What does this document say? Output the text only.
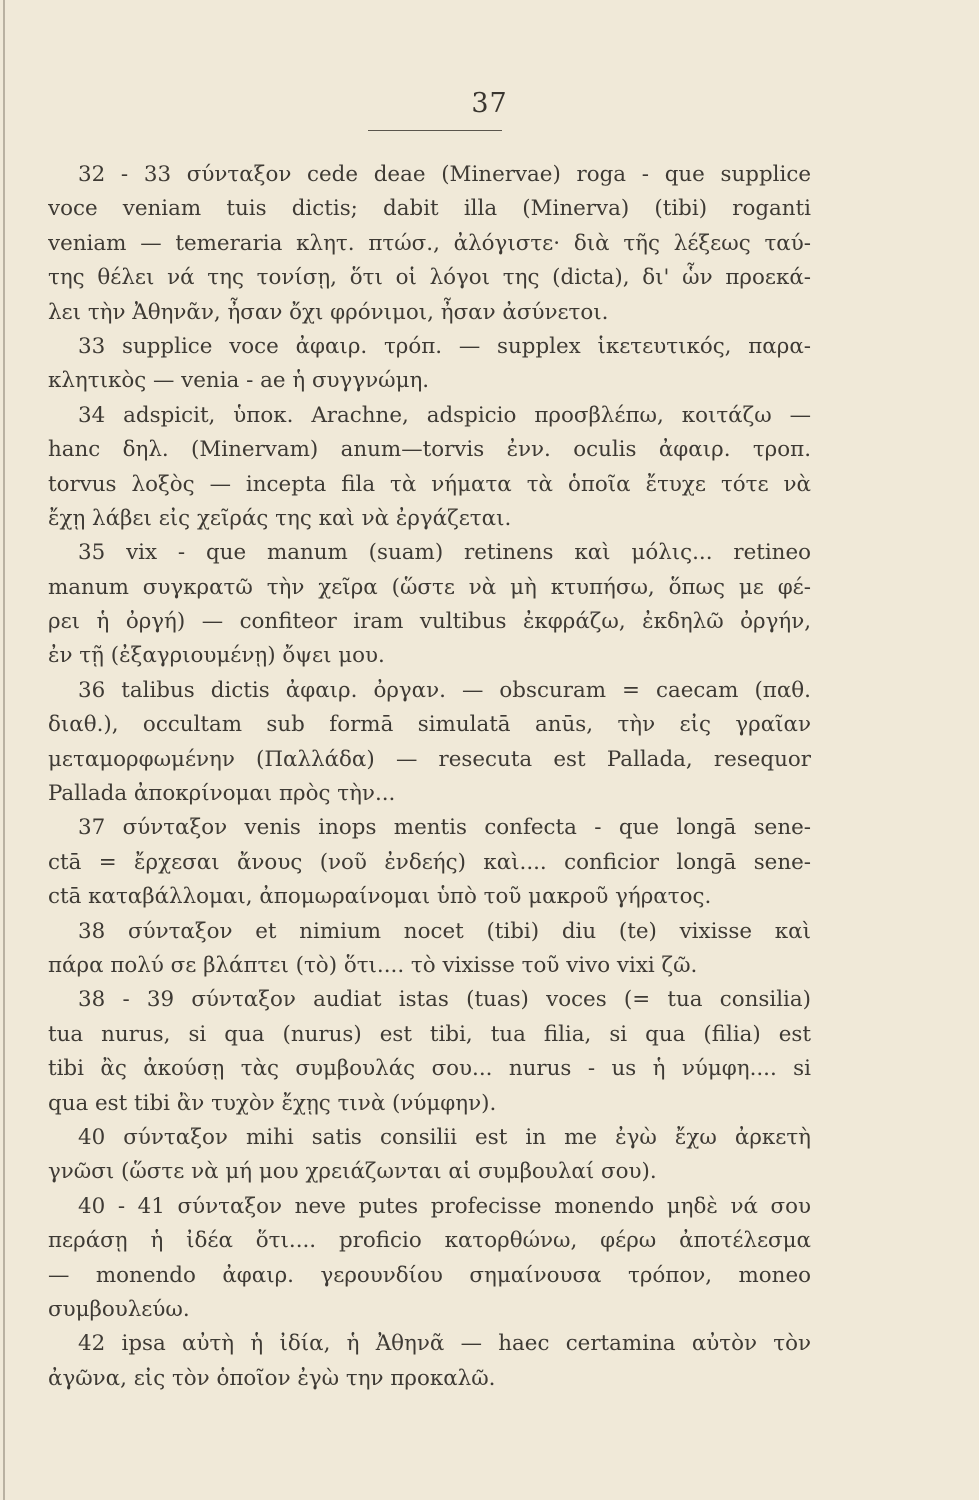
37
32 - 33 σύνταξον cede deae (Minervae) roga - que supplice
voce veniam tuis dictis; dabit illa (Minerva) (tibi) roganti
veniam — temeraria κλητ. πτώσ., ἀλόγιστε· διὰ τῆς λέξεως ταύ-
της θέλει νά της τονίσῃ, ὅτι οἱ λόγοι της (dicta), δι' ὧν προεκά-
λει τὴν Ἀθηνᾶν, ἦσαν ὄχι φρόνιμοι, ἦσαν ἀσύνετοι.
33 supplice voce ἀφαιρ. τρόπ. — supplex ἱκετευτικός, παρα-
κλητικὸς — venia - ae ἡ συγγνώμη.
34 adspicit, ὑποκ. Arachne, adspicio προσβλέπω, κοιτάζω —
hanc δηλ. (Minervam) anum—torvis ἐνν. oculis ἀφαιρ. τροπ.
torvus λοξὸς — incepta fila τὰ νήματα τὰ ὁποῖα ἔτυχε τότε νὰ
ἔχῃ λάβει εἰς χεῖράς της καὶ νὰ ἐργάζεται.
35 vix - que manum (suam) retinens καὶ μόλις... retineo
manum συγκρατῶ τὴν χεῖρα (ὥστε νὰ μὴ κτυπήσω, ὅπως με φέ-
ρει ἡ ὀργή) — confiteor iram vultibus ἐκφράζω, ἐκδηλῶ ὀργήν,
ἐν τῇ (ἐξαγριουμένῃ) ὄψει μου.
36 talibus dictis ἀφαιρ. ὀργαν. — obscuram = caecam (παθ.
διαθ.), occultam sub formā simulatā anūs, τὴν εἰς γραῖαν
μεταμορφωμένην (Παλλάδα) — resecuta est Pallada, resequor
Pallada ἀποκρίνομαι πρὸς τὴν...
37 σύνταξον venis inops mentis confecta - que longā sene-
ctā = ἔρχεσαι ἄνους (νοῦ ἐνδεής) καὶ.... conficior longā sene-
ctā καταβάλλομαι, ἀπομωραίνομαι ὑπὸ τοῦ μακροῦ γήρατος.
38 σύνταξον et nimium nocet (tibi) diu (te) vixisse καὶ
πάρα πολύ σε βλάπτει (τὸ) ὅτι.... τὸ vixisse τοῦ vivo vixi ζῶ.
38 - 39 σύνταξον audiat istas (tuas) voces (= tua consilia)
tua nurus, si qua (nurus) est tibi, tua filia, si qua (filia) est
tibi ἂς ἀκούσῃ τὰς συμβουλάς σου... nurus - us ἡ νύμφη.... si
qua est tibi ἂν τυχὸν ἔχῃς τινὰ (νύμφην).
40 σύνταξον mihi satis consilii est in me ἐγὼ ἔχω ἀρκετὴ
γνῶσι (ὥστε νὰ μή μου χρειάζωνται αἱ συμβουλαί σου).
40 - 41 σύνταξον neve putes profecisse monendo μηδὲ νά σου
περάσῃ ἡ ἰδέα ὅτι.... proficio κατορθώνω, φέρω ἀποτέλεσμα
— monendo ἀφαιρ. γερουνδίου σημαίνουσα τρόπον, moneo
συμβουλεύω.
42 ipsa αὐτὴ ἡ ἰδία, ἡ Ἀθηνᾶ — haec certamina αὐτὸν τὸν
ἀγῶνα, εἰς τὸν ὁποῖον ἐγὼ την προκαλῶ.
